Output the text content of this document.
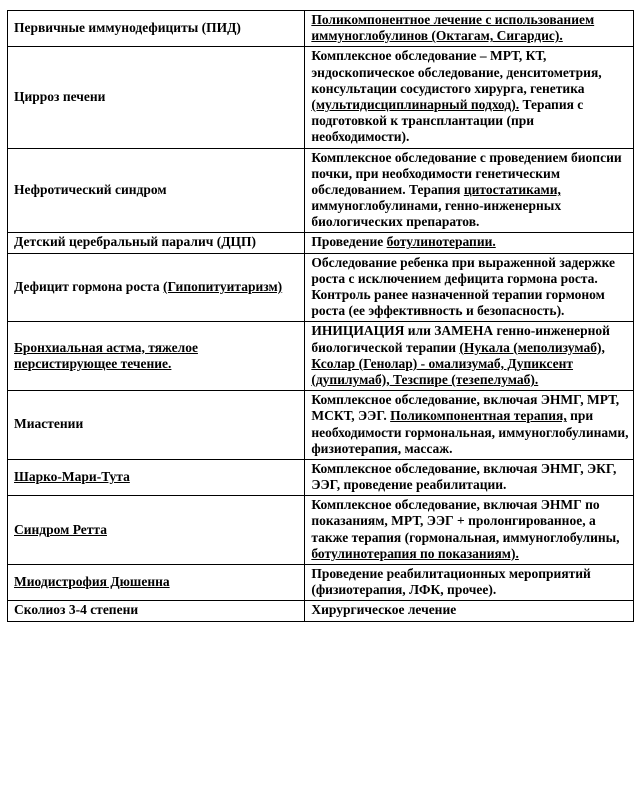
Первичные иммунодефициты (ПИД)	Поликомпонентное лечение с использованием иммуноглобулинов (Октагам, Сигардис).
Цирроз печени	Комплексное обследование – МРТ, КТ, эндоскопическое обследование, денситометрия, консультации сосудистого хирурга, генетика (мультидисциплинарный подход). Терапия с подготовкой к трансплантации (при необходимости).
Нефротический синдром	Комплексное обследование с проведением биопсии почки, при необходимости генетическим обследованием. Терапия цитостатиками, иммуноглобулинами, генно-инженерных биологических препаратов.
Детский церебральный паралич (ДЦП)	Проведение ботулинотерапии.
Дефицит гормона роста (Гипопитуитаризм)	Обследование ребенка при выраженной задержке роста с исключением дефицита гормона роста. Контроль ранее назначенной терапии гормоном роста (ее эффективность и безопасность).
Бронхиальная астма, тяжелое персистирующее течение.	ИНИЦИАЦИЯ или ЗАМЕНА генно-инженерной биологической терапии (Нукала (меполизумаб), Ксолар (Генолар) - омализумаб, Дупиксент (дупилумаб), Тезспире (тезепелумаб).
Миастении	Комплексное обследование, включая ЭНМГ, МРТ, МСКТ, ЭЭГ. Поликомпонентная терапия, при необходимости гормональная, иммуноглобулинами, физиотерапия, массаж.
Шарко-Мари-Тута	Комплексное обследование, включая ЭНМГ, ЭКГ, ЭЭГ, проведение реабилитации.
Синдром Ретта	Комплексное обследование, включая ЭНМГ по показаниям, МРТ, ЭЭГ + пролонгированное, а также терапия (гормональная, иммуноглобулины, ботулинотерапия по показаниям).
Миодистрофия Дюшенна	Проведение реабилитационных мероприятий (физиотерапия, ЛФК, прочее).
Сколиоз 3-4 степени	Хирургическое лечение
